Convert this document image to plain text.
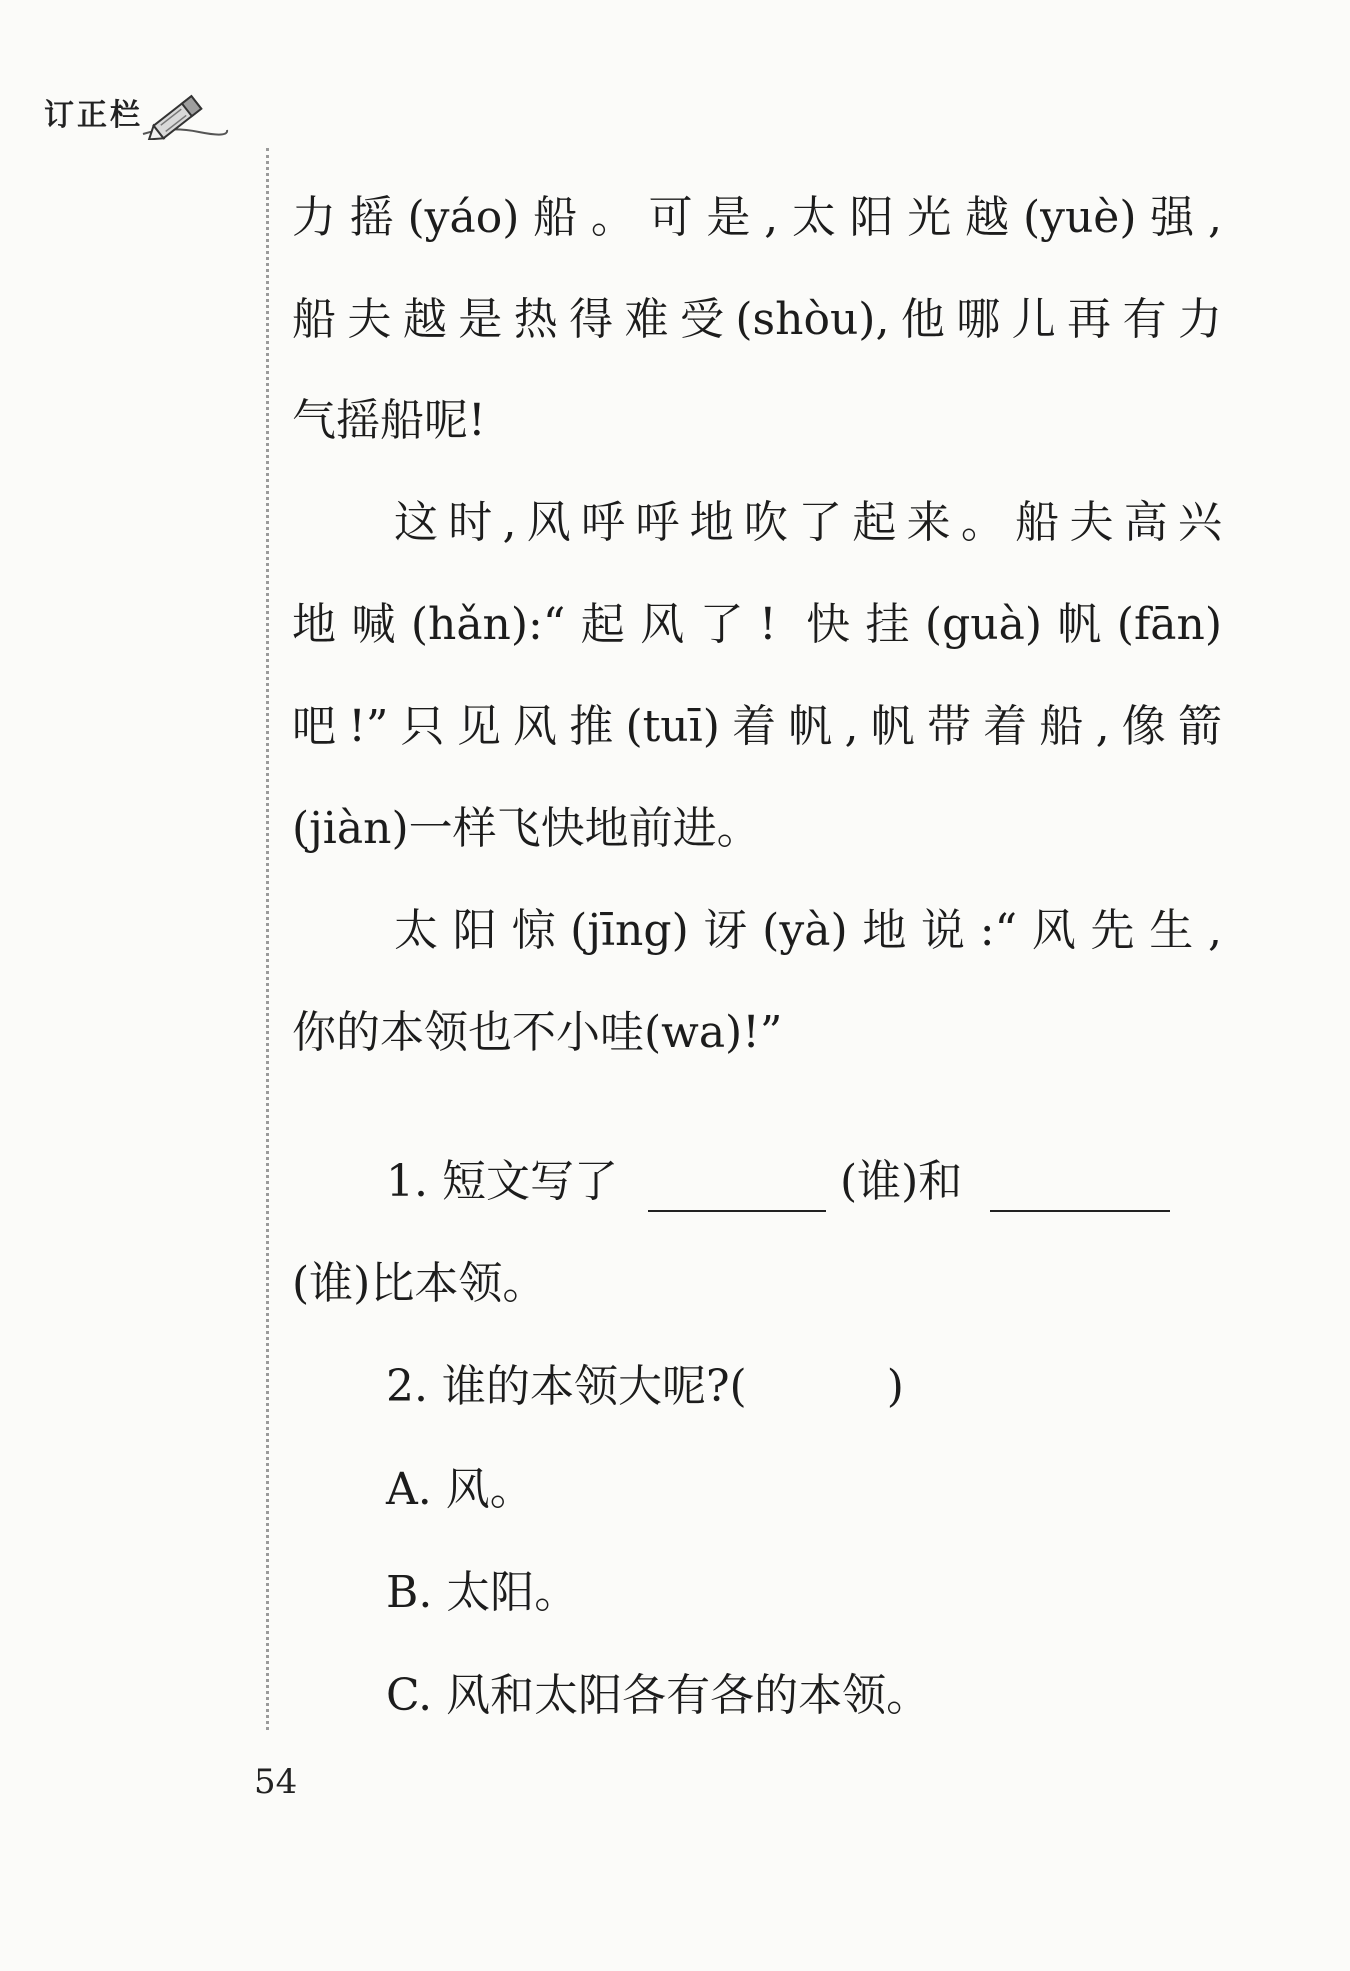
订正栏
力摇(yáo)船。可是,太阳光越(yuè)强,
船夫越是热得难受(shòu),他哪儿再有力
气摇船呢!
这时,风呼呼地吹了起来。船夫高兴
地喊(hǎn):“起风了! 快挂(guà)帆(fān)
吧!”只见风推(tuī)着帆,帆带着船,像箭
(jiàn)一样飞快地前进。
太阳惊(jīng)讶(yà)地说:“风先生,
你的本领也不小哇(wa)!”
1. 短文写了	(谁)和
(谁)比本领。
2. 谁的本领大呢?(	)
A. 风。
B. 太阳。
C. 风和太阳各有各的本领。
54
